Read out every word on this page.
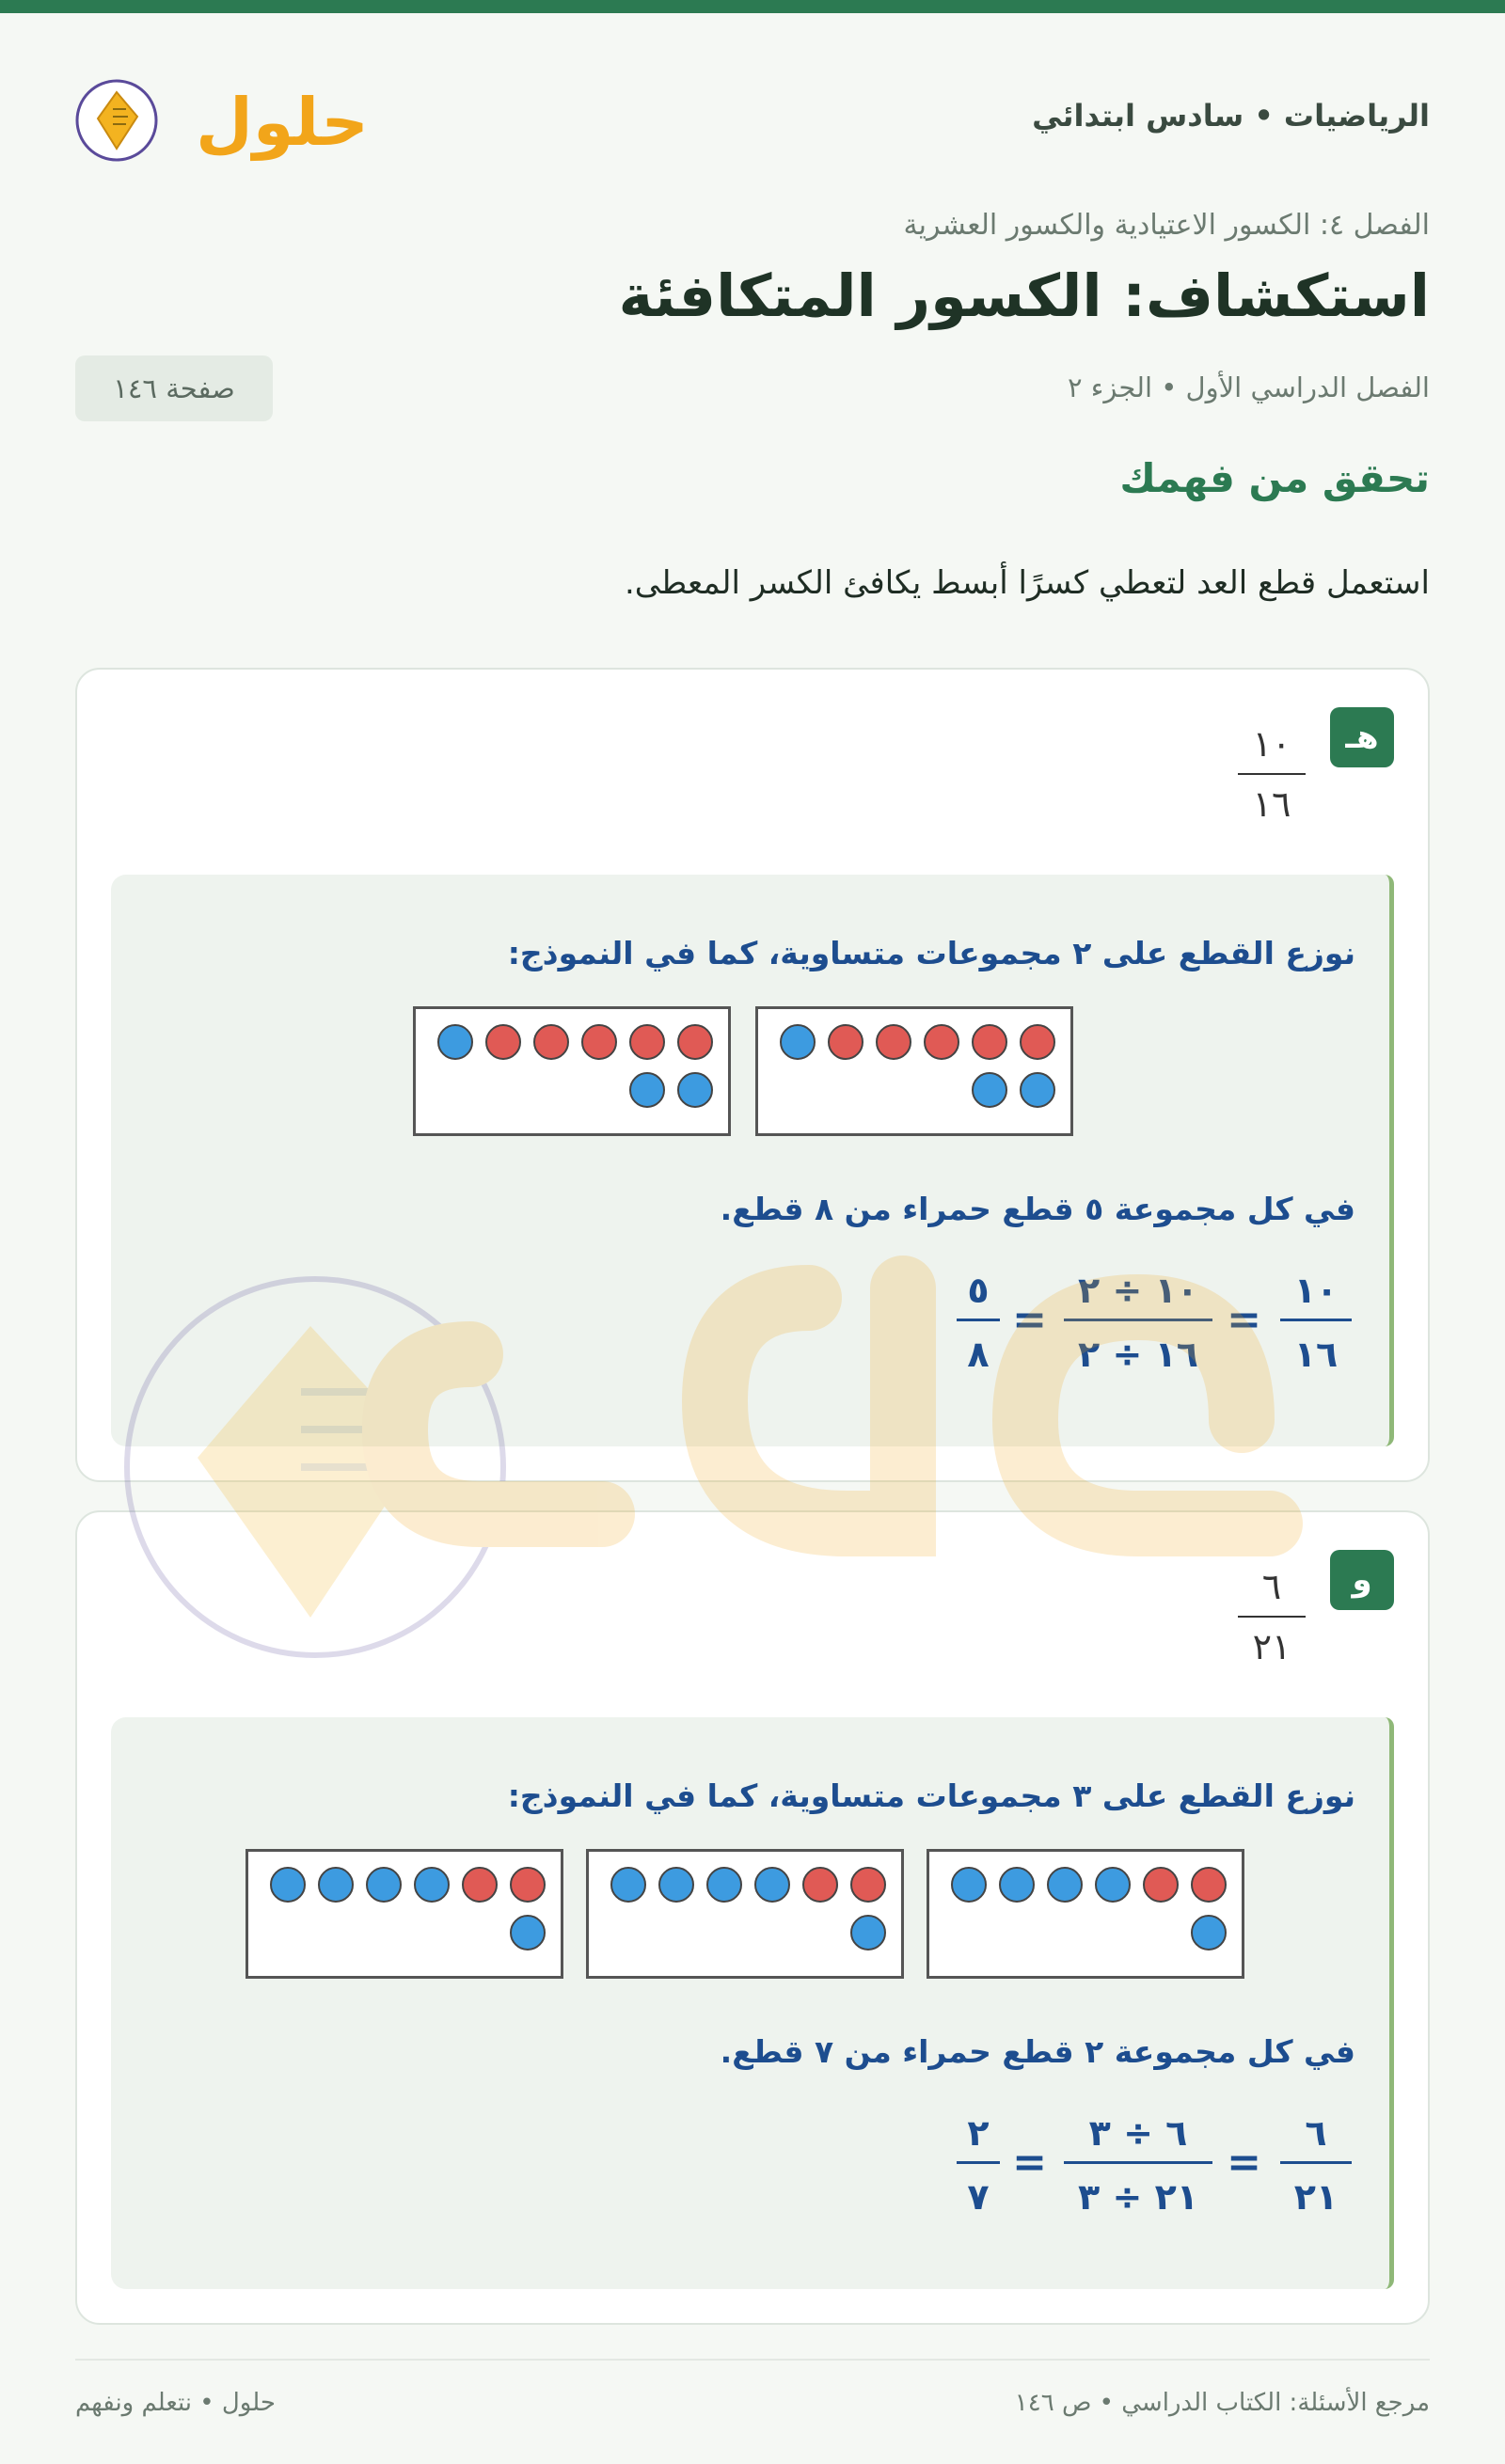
الرياضيات • سادس ابتدائي
حلول
الفصل ٤: الكسور الاعتيادية والكسور العشرية
استكشاف: الكسور المتكافئة
الفصل الدراسي الأول • الجزء ٢
صفحة ١٤٦
تحقق من فهمك
استعمل قطع العد لتعطي كسرًا أبسط يكافئ الكسر المعطى.
هـ
١٠
١٦
نوزع القطع على ٢ مجموعات متساوية، كما في النموذج:
في كل مجموعة ٥ قطع حمراء من ٨ قطع.
١٠
١٦
=
١٠ ÷ ٢
١٦ ÷ ٢
=
٥
٨
و
٦
٢١
نوزع القطع على ٣ مجموعات متساوية، كما في النموذج:
في كل مجموعة ٢ قطع حمراء من ٧ قطع.
٦
٢١
=
٦ ÷ ٣
٢١ ÷ ٣
=
٢
٧
مرجع الأسئلة: الكتاب الدراسي • ص ١٤٦
حلول • نتعلم ونفهم
